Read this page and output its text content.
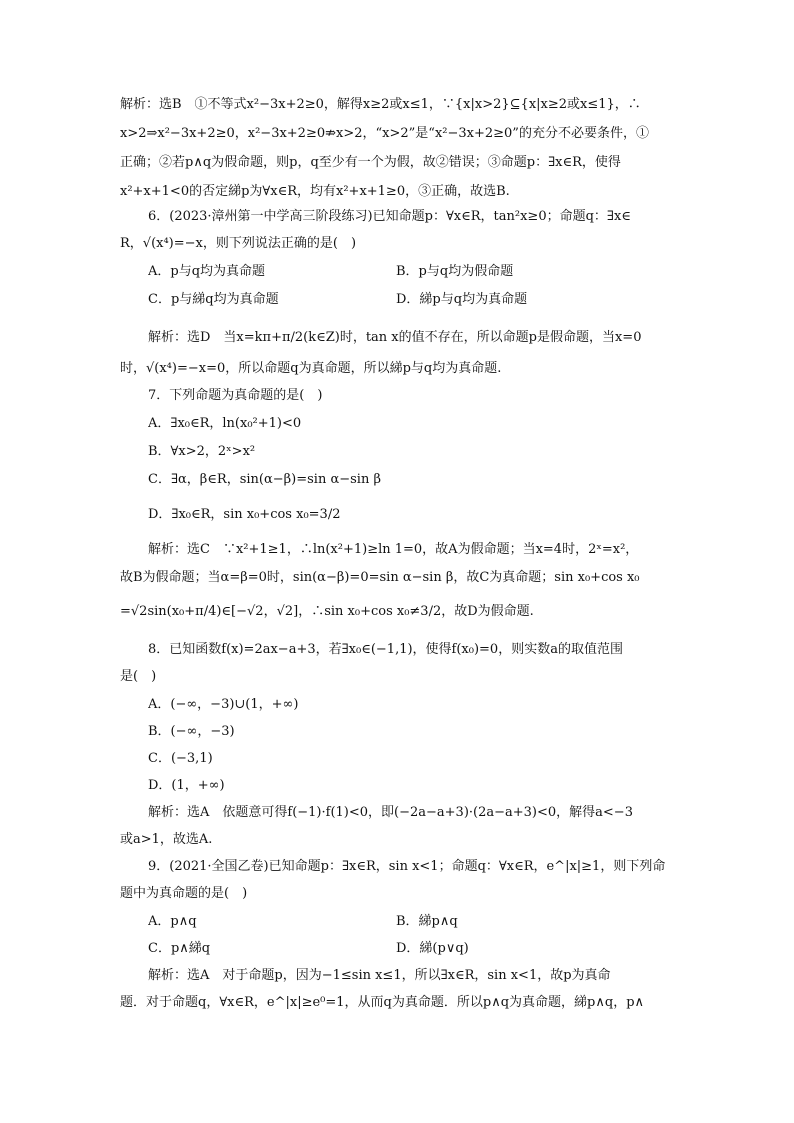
解析：选B　①不等式x²−3x+2≥0，解得x≥2或x≤1，∵{x|x>2}⊆{x|x≥2或x≤1}，∴
x>2⇒x²−3x+2≥0，x²−3x+2≥0⇏x>2，“x>2”是“x²−3x+2≥0”的充分不必要条件，①
正确；②若p∧q为假命题，则p，q至少有一个为假，故②错误；③命题p：∃x∈R，使得
x²+x+1<0的否定綈p为∀x∈R，均有x²+x+1≥0，③正确，故选B.
6．(2023·漳州第一中学高三阶段练习)已知命题p：∀x∈R，tan²x≥0；命题q：∃x∈
R，√(x⁴)=−x，则下列说法正确的是(　)
A．p与q均为真命题	B．p与q均为假命题
C．p与綈q均为真命题	D．綈p与q均为真命题
解析：选D　当x=kπ+π/2(k∈Z)时，tan x的值不存在，所以命题p是假命题，当x=0
时，√(x⁴)=−x=0，所以命题q为真命题，所以綈p与q均为真命题.
7．下列命题为真命题的是(　)
A．∃x₀∈R，ln(x₀²+1)<0
B．∀x>2，2ˣ>x²
C．∃α，β∈R，sin(α−β)=sin α−sin β
D．∃x₀∈R，sin x₀+cos x₀=3/2
解析：选C　∵x²+1≥1，∴ln(x²+1)≥ln 1=0，故A为假命题；当x=4时，2ˣ=x²，
故B为假命题；当α=β=0时，sin(α−β)=0=sin α−sin β，故C为真命题；sin x₀+cos x₀
=√2sin(x₀+π/4)∈[−√2，√2]，∴sin x₀+cos x₀≠3/2，故D为假命题.
8．已知函数f(x)=2ax−a+3，若∃x₀∈(−1,1)，使得f(x₀)=0，则实数a的取值范围
是(　)
A．(−∞，−3)∪(1，+∞)
B．(−∞，−3)
C．(−3,1)
D．(1，+∞)
解析：选A　依题意可得f(−1)·f(1)<0，即(−2a−a+3)·(2a−a+3)<0，解得a<−3
或a>1，故选A.
9．(2021·全国乙卷)已知命题p：∃x∈R，sin x<1；命题q：∀x∈R，e^|x|≥1，则下列命
题中为真命题的是(　)
A．p∧q	B．綈p∧q
C．p∧綈q	D．綈(p∨q)
解析：选A　对于命题p，因为−1≤sin x≤1，所以∃x∈R，sin x<1，故p为真命
题．对于命题q，∀x∈R，e^|x|≥e⁰=1，从而q为真命题．所以p∧q为真命题，綈p∧q，p∧
